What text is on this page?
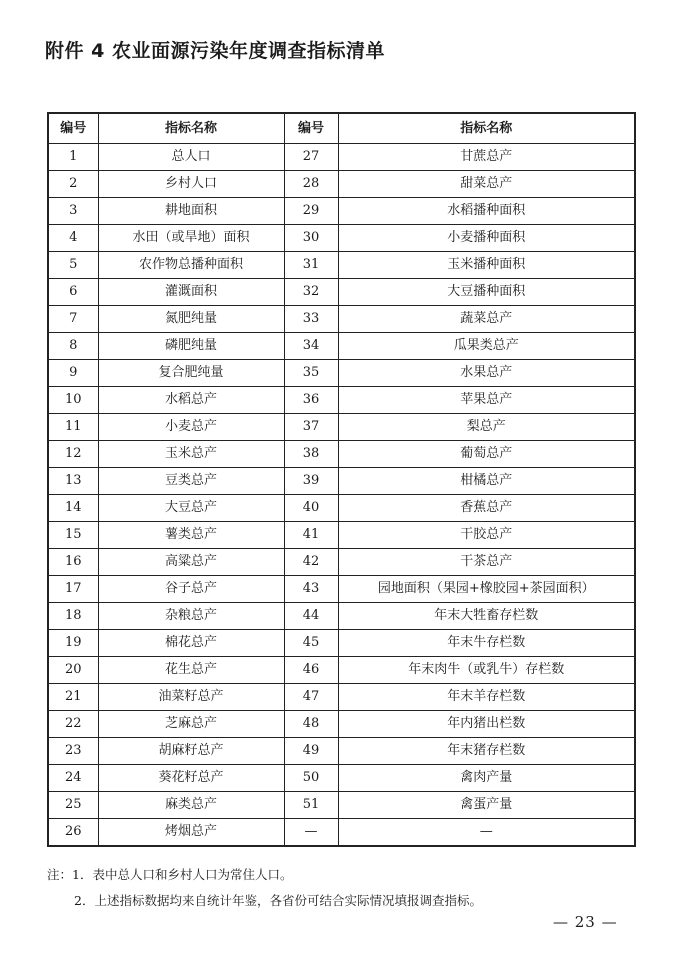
附件 4 农业面源污染年度调查指标清单
编号	指标名称	编号	指标名称
1	总人口	27	甘蔗总产
2	乡村人口	28	甜菜总产
3	耕地面积	29	水稻播种面积
4	水田（或旱地）面积	30	小麦播种面积
5	农作物总播种面积	31	玉米播种面积
6	灌溉面积	32	大豆播种面积
7	氮肥纯量	33	蔬菜总产
8	磷肥纯量	34	瓜果类总产
9	复合肥纯量	35	水果总产
10	水稻总产	36	苹果总产
11	小麦总产	37	梨总产
12	玉米总产	38	葡萄总产
13	豆类总产	39	柑橘总产
14	大豆总产	40	香蕉总产
15	薯类总产	41	干胶总产
16	高粱总产	42	干茶总产
17	谷子总产	43	园地面积（果园+橡胶园+茶园面积）
18	杂粮总产	44	年末大牲畜存栏数
19	棉花总产	45	年末牛存栏数
20	花生总产	46	年末肉牛（或乳牛）存栏数
21	油菜籽总产	47	年末羊存栏数
22	芝麻总产	48	年内猪出栏数
23	胡麻籽总产	49	年末猪存栏数
24	葵花籽总产	50	禽肉产量
25	麻类总产	51	禽蛋产量
26	烤烟总产	—	—
注：1．表中总人口和乡村人口为常住人口。
2．上述指标数据均来自统计年鉴，各省份可结合实际情况填报调查指标。
— 23 —
